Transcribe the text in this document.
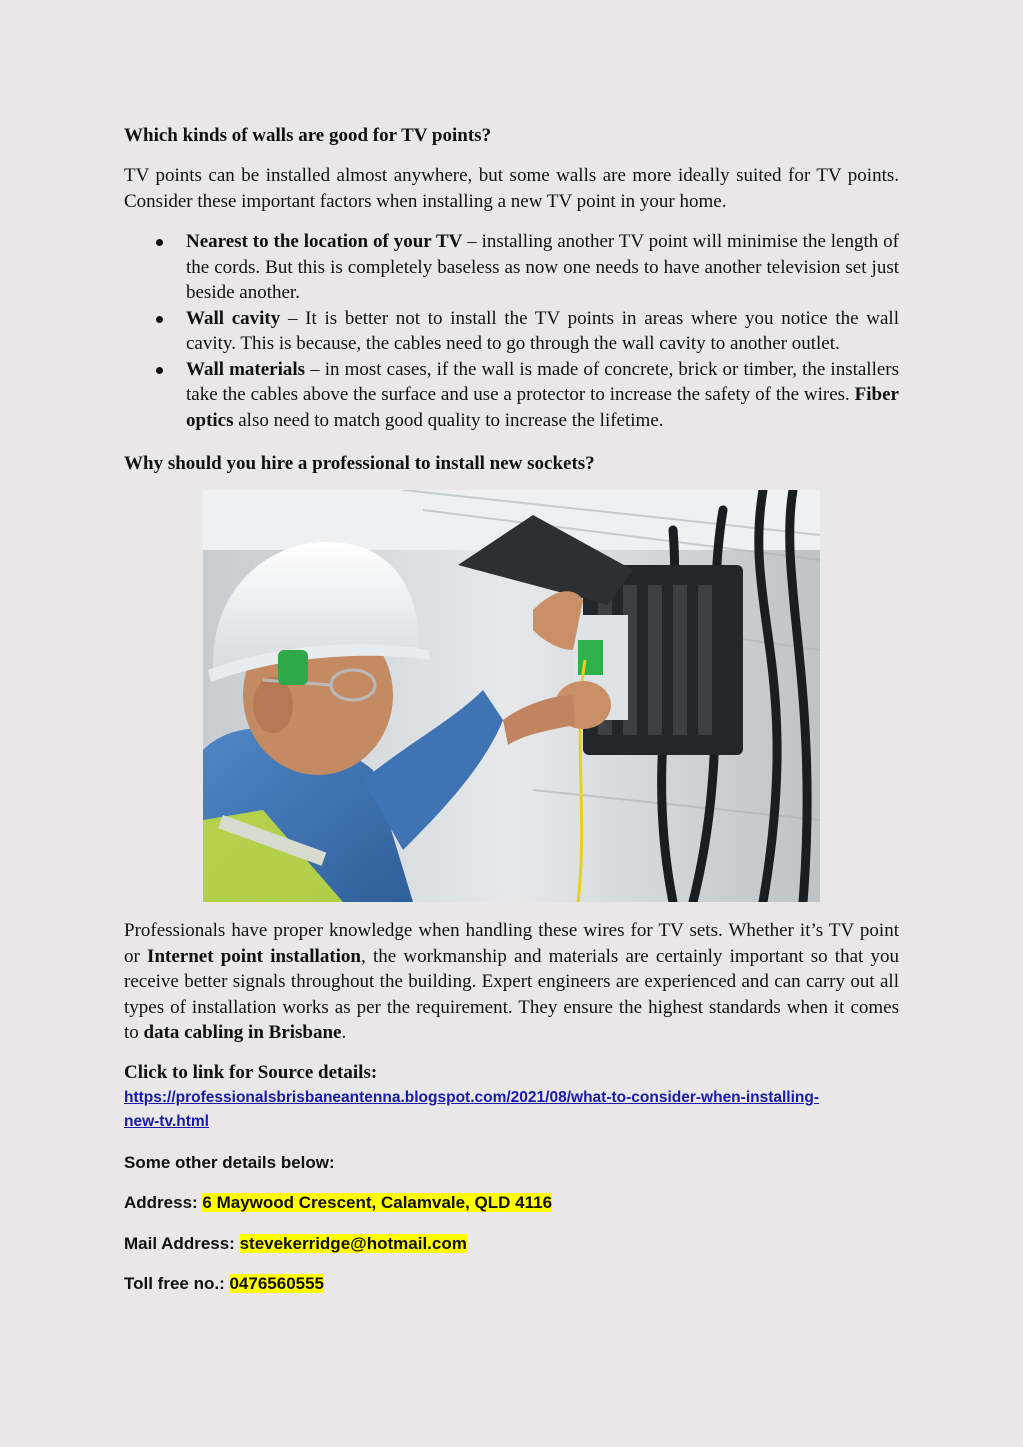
Which kinds of walls are good for TV points?

TV points can be installed almost anywhere, but some walls are more ideally suited for TV points. Consider these important factors when installing a new TV point in your home.

Nearest to the location of your TV – installing another TV point will minimise the length of the cords. But this is completely baseless as now one needs to have another television set just beside another.
Wall cavity – It is better not to install the TV points in areas where you notice the wall cavity. This is because, the cables need to go through the wall cavity to another outlet.
Wall materials – in most cases, if the wall is made of concrete, brick or timber, the installers take the cables above the surface and use a protector to increase the safety of the wires. Fiber optics also need to match good quality to increase the lifetime.
Why should you hire a professional to install new sockets?

Professionals have proper knowledge when handling these wires for TV sets. Whether it’s TV point or Internet point installation, the workmanship and materials are certainly important so that you receive better signals throughout the building. Expert engineers are experienced and can carry out all types of installation works as per the requirement. They ensure the highest standards when it comes to data cabling in Brisbane.

Click to link for Source details:
https://professionalsbrisbaneantenna.blogspot.com/2021/08/what-to-consider-when-installing-
new-tv.html

Some other details below:

Address: 6 Maywood Crescent, Calamvale, QLD 4116

Mail Address: stevekerridge@hotmail.com

Toll free no.: 0476560555
